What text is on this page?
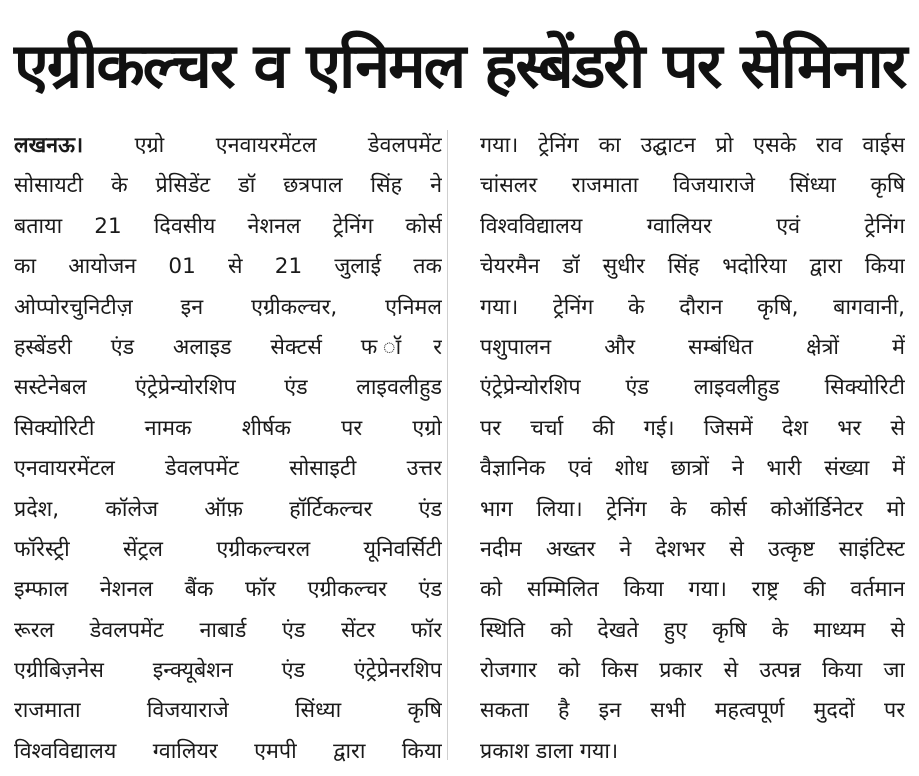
एग्रीकल्चर व एनिमल हस्बेंडरी पर सेमिनार
लखनऊ। एग्रो एनवायरमेंटल डेवलपमेंट
सोसायटी के प्रेसिडेंट डॉ छत्रपाल सिंह ने
बताया 21 दिवसीय नेशनल ट्रेनिंग कोर्स
का आयोजन 01 से 21 जुलाई तक
ओप्पोरचुनिटीज़ इन एग्रीकल्चर, एनिमल
हस्बेंडरी एंड अलाइड सेक्टर्स फ ॉर
सस्टेनेबल एंट्रेप्रेन्योरशिप एंड लाइवलीहुड
सिक्योरिटी नामक शीर्षक पर एग्रो
एनवायरमेंटल डेवलपमेंट सोसाइटी उत्तर
प्रदेश, कॉलेज ऑफ़ हॉर्टिकल्चर एंड
फॉरेस्ट्री सेंट्रल एग्रीकल्चरल यूनिवर्सिटी
इम्फाल नेशनल बैंक फॉर एग्रीकल्चर एंड
रूरल डेवलपमेंट नाबार्ड एंड सेंटर फॉर
एग्रीबिज़नेस इन्क्यूबेशन एंड एंट्रेप्रेनरशिप
राजमाता विजयाराजे सिंध्या कृषि
विश्वविद्यालय ग्वालियर एमपी द्वारा किया
गया। ट्रेनिंग का उद्घाटन प्रो एसके राव वाईस
चांसलर राजमाता विजयाराजे सिंध्या कृषि
विश्वविद्यालय ग्वालियर एवं ट्रेनिंग
चेयरमैन डॉ सुधीर सिंह भदोरिया द्वारा किया
गया। ट्रेनिंग के दौरान कृषि, बागवानी,
पशुपालन और सम्बंधित क्षेत्रों में
एंट्रेप्रेन्योरशिप एंड लाइवलीहुड सिक्योरिटी
पर चर्चा की गई। जिसमें देश भर से
वैज्ञानिक एवं शोध छात्रों ने भारी संख्या में
भाग लिया। ट्रेनिंग के कोर्स कोऑर्डिनेटर मो
नदीम अख्तर ने देशभर से उत्कृष्ट साइंटिस्ट
को सम्मिलित किया गया। राष्ट्र की वर्तमान
स्थिति को देखते हुए कृषि के माध्यम से
रोजगार को किस प्रकार से उत्पन्न किया जा
सकता है इन सभी महत्वपूर्ण मुददों पर
प्रकाश डाला गया।
